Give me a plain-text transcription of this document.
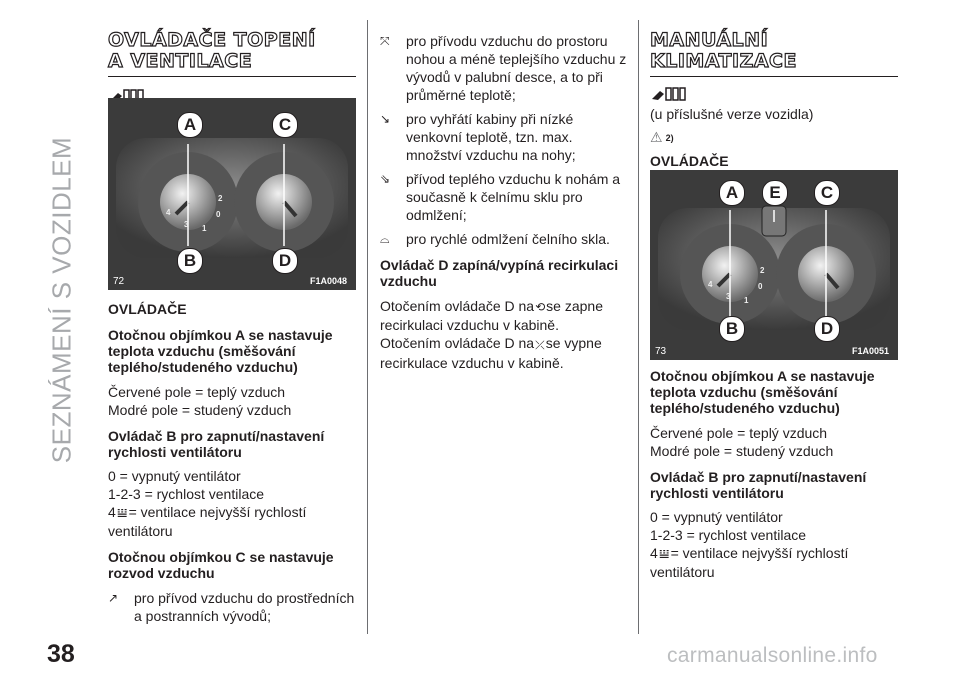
SEZNÁMENÍ S VOZIDLEM
38	carmanualsonline.info
OVLÁDAČE TOPENÍ
A VENTILACE
3 1
0
4
2
A	C
B	D
72	F1A0048

OVLÁDAČE

Otočnou objímkou A se nastavuje teplota vzduchu (směšování teplého/studeného vzduchu)

Červené pole = teplý vzduch

Modré pole = studený vzduch

Ovládač B pro zapnutí/nastavení rychlosti ventilátoru

0 = vypnutý ventilátor

1-2-3 = rychlost ventilace

4𝍎= ventilace nejvyšší rychlostí ventilátoru

Otočnou objímkou C se nastavuje rozvod vzduchu

↗	pro přívod vzduchu do prostředních a postranních vývodů;

⤧	pro přívodu vzduchu do prostoru nohou a méně teplejšího vzduchu z vývodů v palubní desce, a to při průměrné teplotě;

↘	pro vyhřátí kabiny při nízké venkovní teplotě, tzn. max. množství vzduchu na nohy;

⇘	přívod teplého vzduchu k nohám a současně k čelnímu sklu pro odmlžení;

⌓	pro rychlé odmlžení čelního skla.

Ovládač D zapíná/vypíná recirkulaci vzduchu

Otočením ovládače D na⟲se zapne recirkulaci vzduchu v kabině.

Otočením ovládače D na⤫se vypne recirkulace vzduchu v kabině.

MANUÁLNÍ
KLIMATIZACE

(u příslušné verze vozidla)

⚠ 2)

OVLÁDAČE

3 1
0
4
2
A	E	C
B	D
73	F1A0051

Otočnou objímkou A se nastavuje teplota vzduchu (směšování teplého/studeného vzduchu)

Červené pole = teplý vzduch

Modré pole = studený vzduch

Ovládač B pro zapnutí/nastavení rychlosti ventilátoru

0 = vypnutý ventilátor

1-2-3 = rychlost ventilace

4𝍎= ventilace nejvyšší rychlostí ventilátoru
